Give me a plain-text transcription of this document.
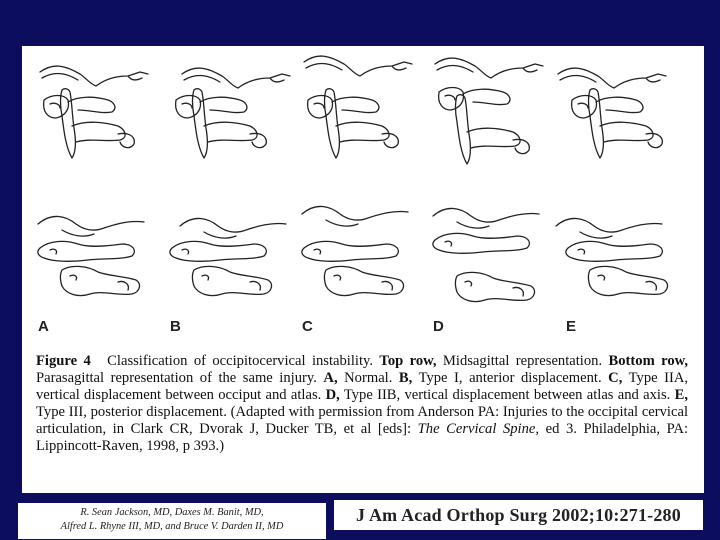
A	B	C	D	E
Figure 4 Classification of occipitocervical instability. Top row, Midsagittal representation. Bottom row, Parasagittal representation of the same injury. A, Normal. B, Type I, anterior displacement. C, Type IIA, vertical displacement between occiput and atlas. D, Type IIB, vertical displacement between atlas and axis. E, Type III, posterior displacement. (Adapted with permission from Anderson PA: Injuries to the occipital cervical articulation, in Clark CR, Dvorak J, Ducker TB, et al [eds]: The Cervical Spine, ed 3. Philadelphia, PA: Lippincott-Raven, 1998, p 393.)
R. Sean Jackson, MD, Daxes M. Banit, MD,
Alfred L. Rhyne III, MD, and Bruce V. Darden II, MD
J Am Acad Orthop Surg 2002;10:271-280
